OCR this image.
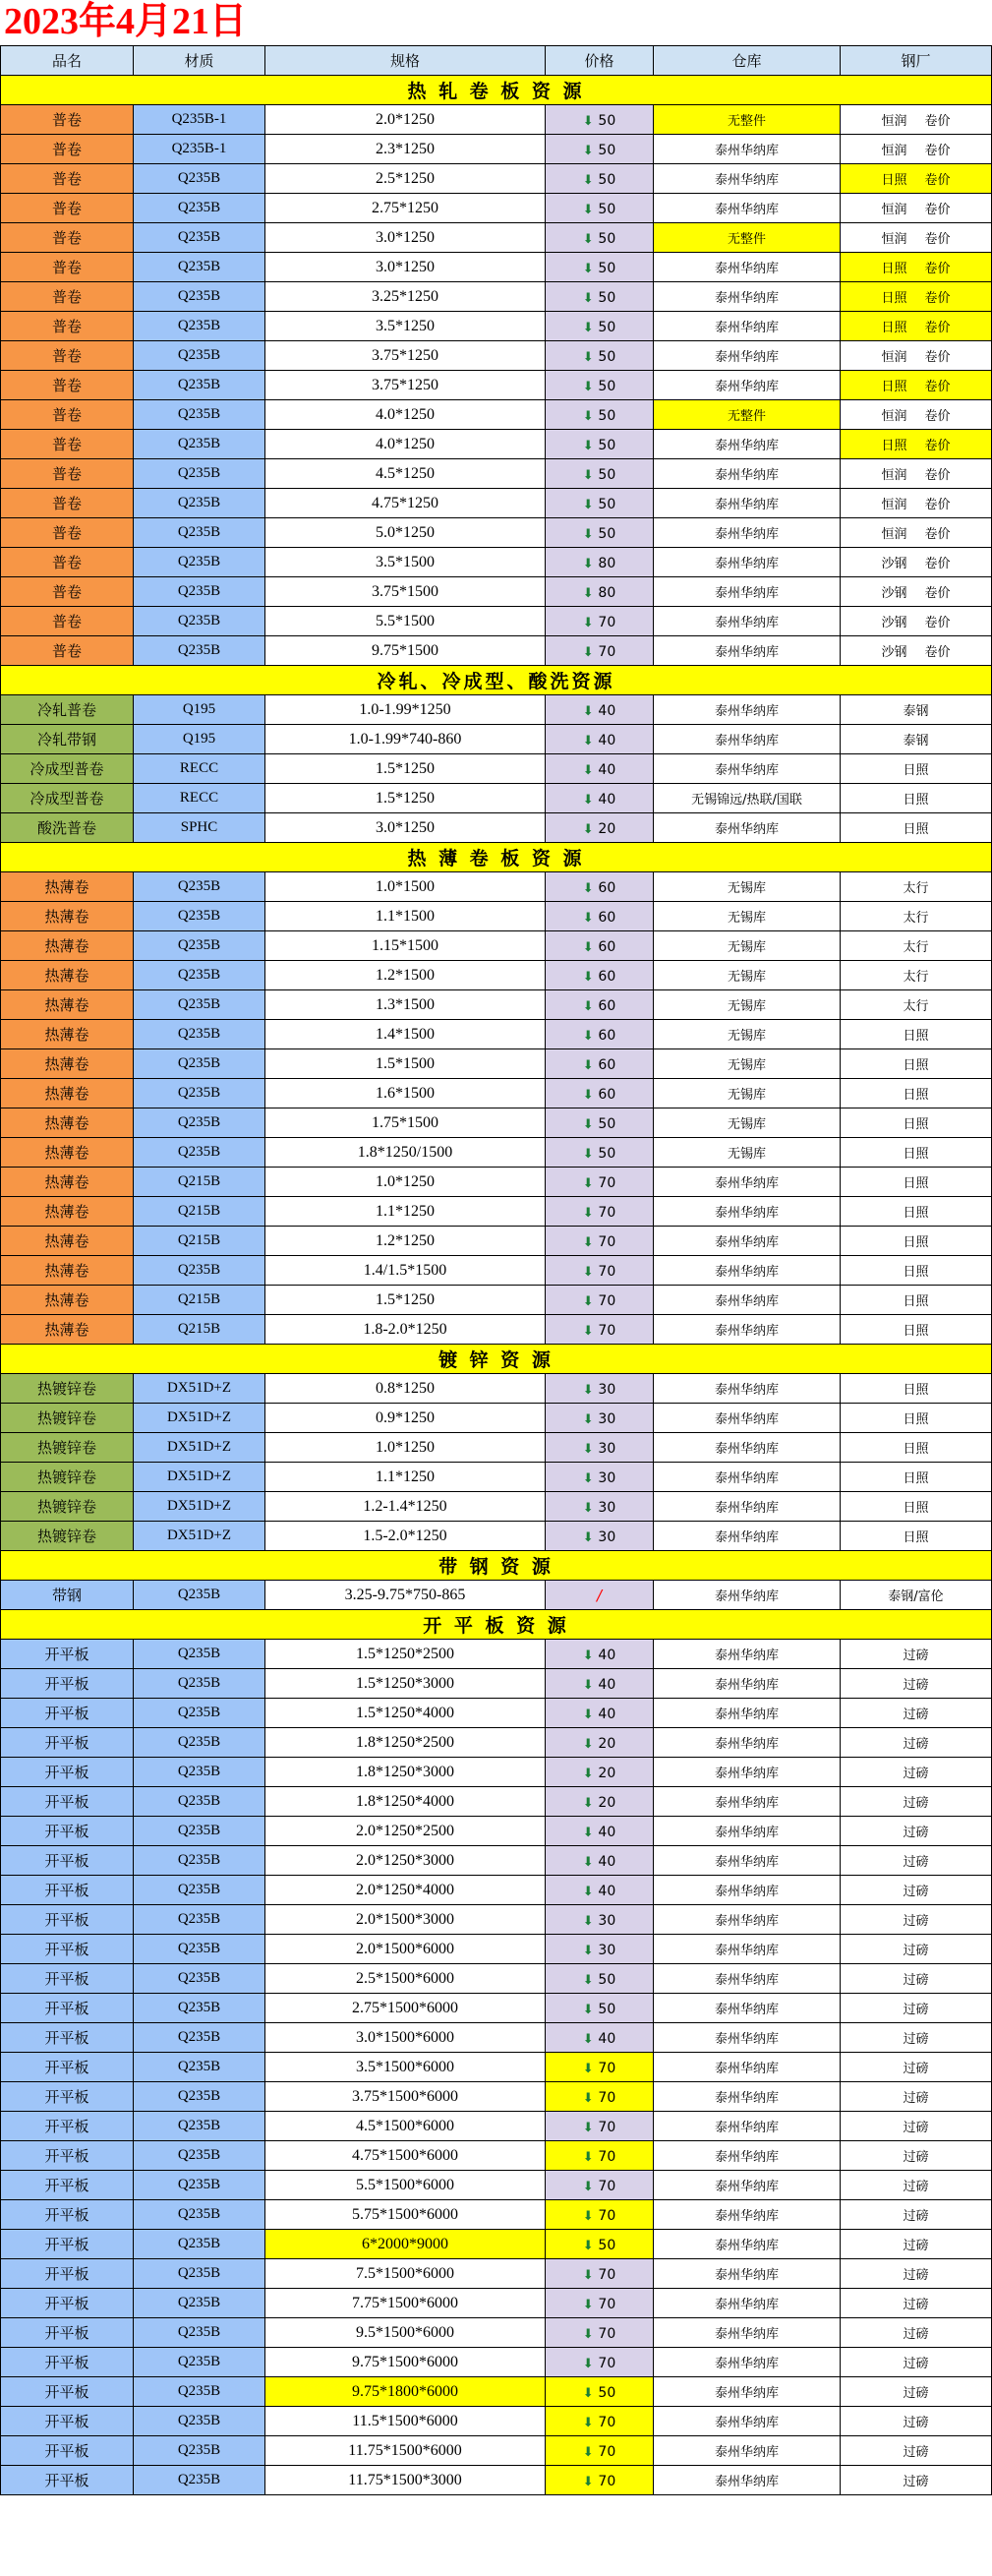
2023年4月21日
品名	材质	规格	价格	仓库	钢厂
热 轧 卷 板 资 源					
普卷	Q235B-1	2.0*1250	⬇ 50	无整件	恒润 卷价
普卷	Q235B-1	2.3*1250	⬇ 50	泰州华纳库	恒润 卷价
普卷	Q235B	2.5*1250	⬇ 50	泰州华纳库	日照 卷价
普卷	Q235B	2.75*1250	⬇ 50	泰州华纳库	恒润 卷价
普卷	Q235B	3.0*1250	⬇ 50	无整件	恒润 卷价
普卷	Q235B	3.0*1250	⬇ 50	泰州华纳库	日照 卷价
普卷	Q235B	3.25*1250	⬇ 50	泰州华纳库	日照 卷价
普卷	Q235B	3.5*1250	⬇ 50	泰州华纳库	日照 卷价
普卷	Q235B	3.75*1250	⬇ 50	泰州华纳库	恒润 卷价
普卷	Q235B	3.75*1250	⬇ 50	泰州华纳库	日照 卷价
普卷	Q235B	4.0*1250	⬇ 50	无整件	恒润 卷价
普卷	Q235B	4.0*1250	⬇ 50	泰州华纳库	日照 卷价
普卷	Q235B	4.5*1250	⬇ 50	泰州华纳库	恒润 卷价
普卷	Q235B	4.75*1250	⬇ 50	泰州华纳库	恒润 卷价
普卷	Q235B	5.0*1250	⬇ 50	泰州华纳库	恒润 卷价
普卷	Q235B	3.5*1500	⬇ 80	泰州华纳库	沙钢 卷价
普卷	Q235B	3.75*1500	⬇ 80	泰州华纳库	沙钢 卷价
普卷	Q235B	5.5*1500	⬇ 70	泰州华纳库	沙钢 卷价
普卷	Q235B	9.75*1500	⬇ 70	泰州华纳库	沙钢 卷价
冷轧、冷成型、酸洗资源					
冷轧普卷	Q195	1.0-1.99*1250	⬇ 40	泰州华纳库	泰钢
冷轧带钢	Q195	1.0-1.99*740-860	⬇ 40	泰州华纳库	泰钢
冷成型普卷	RECC	1.5*1250	⬇ 40	泰州华纳库	日照
冷成型普卷	RECC	1.5*1250	⬇ 40	无锡锦远/热联/国联	日照
酸洗普卷	SPHC	3.0*1250	⬇ 20	泰州华纳库	日照
热 薄 卷 板 资 源					
热薄卷	Q235B	1.0*1500	⬇ 60	无锡库	太行
热薄卷	Q235B	1.1*1500	⬇ 60	无锡库	太行
热薄卷	Q235B	1.15*1500	⬇ 60	无锡库	太行
热薄卷	Q235B	1.2*1500	⬇ 60	无锡库	太行
热薄卷	Q235B	1.3*1500	⬇ 60	无锡库	太行
热薄卷	Q235B	1.4*1500	⬇ 60	无锡库	日照
热薄卷	Q235B	1.5*1500	⬇ 60	无锡库	日照
热薄卷	Q235B	1.6*1500	⬇ 60	无锡库	日照
热薄卷	Q235B	1.75*1500	⬇ 50	无锡库	日照
热薄卷	Q235B	1.8*1250/1500	⬇ 50	无锡库	日照
热薄卷	Q215B	1.0*1250	⬇ 70	泰州华纳库	日照
热薄卷	Q215B	1.1*1250	⬇ 70	泰州华纳库	日照
热薄卷	Q215B	1.2*1250	⬇ 70	泰州华纳库	日照
热薄卷	Q235B	1.4/1.5*1500	⬇ 70	泰州华纳库	日照
热薄卷	Q215B	1.5*1250	⬇ 70	泰州华纳库	日照
热薄卷	Q215B	1.8-2.0*1250	⬇ 70	泰州华纳库	日照
镀 锌 资 源					
热镀锌卷	DX51D+Z	0.8*1250	⬇ 30	泰州华纳库	日照
热镀锌卷	DX51D+Z	0.9*1250	⬇ 30	泰州华纳库	日照
热镀锌卷	DX51D+Z	1.0*1250	⬇ 30	泰州华纳库	日照
热镀锌卷	DX51D+Z	1.1*1250	⬇ 30	泰州华纳库	日照
热镀锌卷	DX51D+Z	1.2-1.4*1250	⬇ 30	泰州华纳库	日照
热镀锌卷	DX51D+Z	1.5-2.0*1250	⬇ 30	泰州华纳库	日照
带 钢 资 源					
带钢	Q235B	3.25-9.75*750-865	/	泰州华纳库	泰钢/富伦
开 平 板 资 源					
开平板	Q235B	1.5*1250*2500	⬇ 40	泰州华纳库	过磅
开平板	Q235B	1.5*1250*3000	⬇ 40	泰州华纳库	过磅
开平板	Q235B	1.5*1250*4000	⬇ 40	泰州华纳库	过磅
开平板	Q235B	1.8*1250*2500	⬇ 20	泰州华纳库	过磅
开平板	Q235B	1.8*1250*3000	⬇ 20	泰州华纳库	过磅
开平板	Q235B	1.8*1250*4000	⬇ 20	泰州华纳库	过磅
开平板	Q235B	2.0*1250*2500	⬇ 40	泰州华纳库	过磅
开平板	Q235B	2.0*1250*3000	⬇ 40	泰州华纳库	过磅
开平板	Q235B	2.0*1250*4000	⬇ 40	泰州华纳库	过磅
开平板	Q235B	2.0*1500*3000	⬇ 30	泰州华纳库	过磅
开平板	Q235B	2.0*1500*6000	⬇ 30	泰州华纳库	过磅
开平板	Q235B	2.5*1500*6000	⬇ 50	泰州华纳库	过磅
开平板	Q235B	2.75*1500*6000	⬇ 50	泰州华纳库	过磅
开平板	Q235B	3.0*1500*6000	⬇ 40	泰州华纳库	过磅
开平板	Q235B	3.5*1500*6000	⬇ 70	泰州华纳库	过磅
开平板	Q235B	3.75*1500*6000	⬇ 70	泰州华纳库	过磅
开平板	Q235B	4.5*1500*6000	⬇ 70	泰州华纳库	过磅
开平板	Q235B	4.75*1500*6000	⬇ 70	泰州华纳库	过磅
开平板	Q235B	5.5*1500*6000	⬇ 70	泰州华纳库	过磅
开平板	Q235B	5.75*1500*6000	⬇ 70	泰州华纳库	过磅
开平板	Q235B	6*2000*9000	⬇ 50	泰州华纳库	过磅
开平板	Q235B	7.5*1500*6000	⬇ 70	泰州华纳库	过磅
开平板	Q235B	7.75*1500*6000	⬇ 70	泰州华纳库	过磅
开平板	Q235B	9.5*1500*6000	⬇ 70	泰州华纳库	过磅
开平板	Q235B	9.75*1500*6000	⬇ 70	泰州华纳库	过磅
开平板	Q235B	9.75*1800*6000	⬇ 50	泰州华纳库	过磅
开平板	Q235B	11.5*1500*6000	⬇ 70	泰州华纳库	过磅
开平板	Q235B	11.75*1500*6000	⬇ 70	泰州华纳库	过磅
开平板	Q235B	11.75*1500*3000	⬇ 70	泰州华纳库	过磅
